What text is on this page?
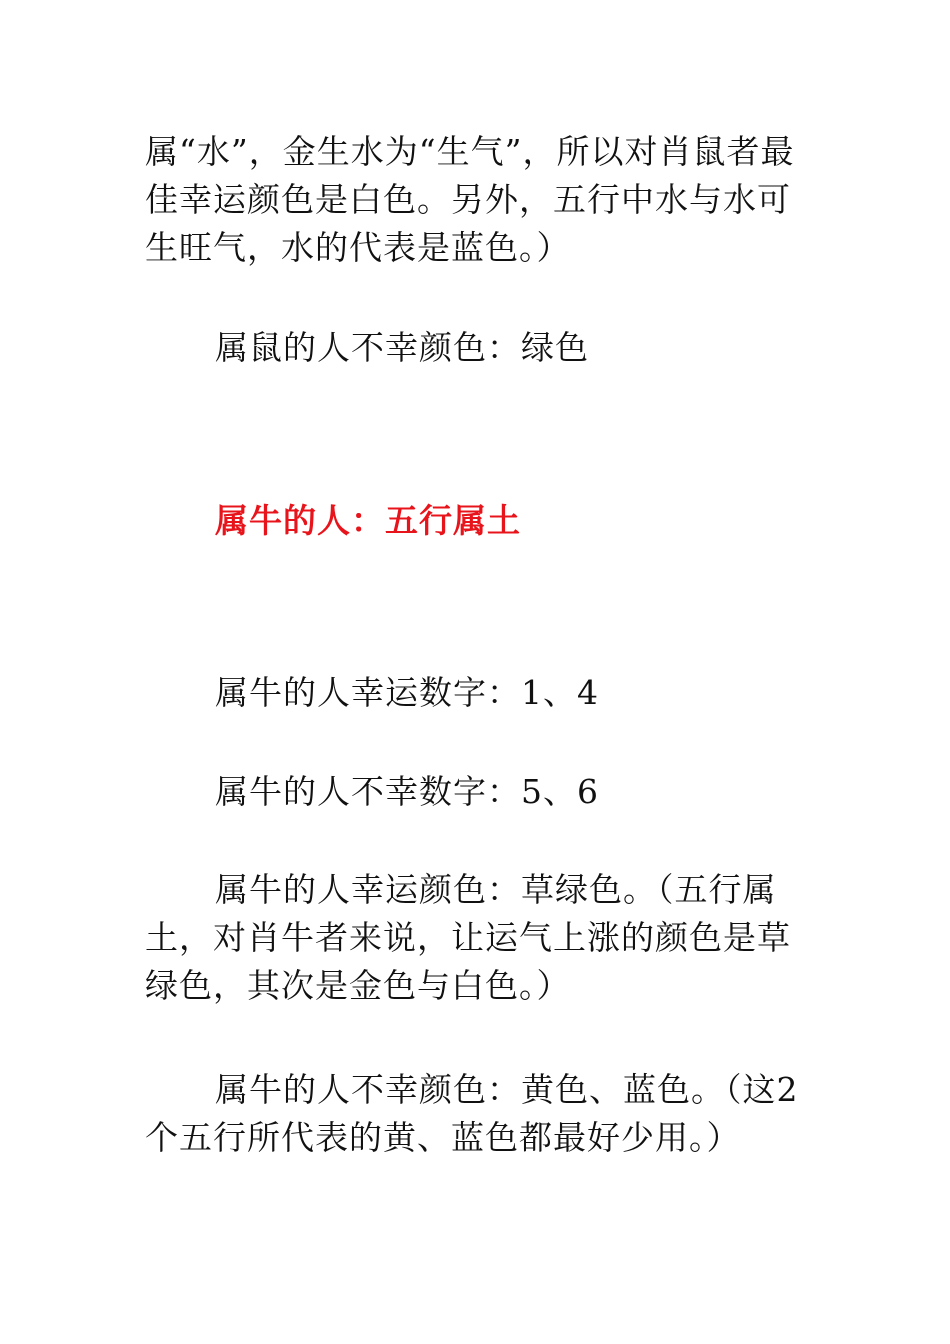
属“水”，金生水为“生气”，所以对肖鼠者最佳幸运颜色是白色。另外，五行中水与水可生旺气，水的代表是蓝色。）

属鼠的人不幸颜色：绿色

属牛的人：五行属土

属牛的人幸运数字：1、4

属牛的人不幸数字：5、6

属牛的人幸运颜色：草绿色。（五行属土，对肖牛者来说，让运气上涨的颜色是草绿色，其次是金色与白色。）

属牛的人不幸颜色：黄色、蓝色。（这2个五行所代表的黄、蓝色都最好少用。）
